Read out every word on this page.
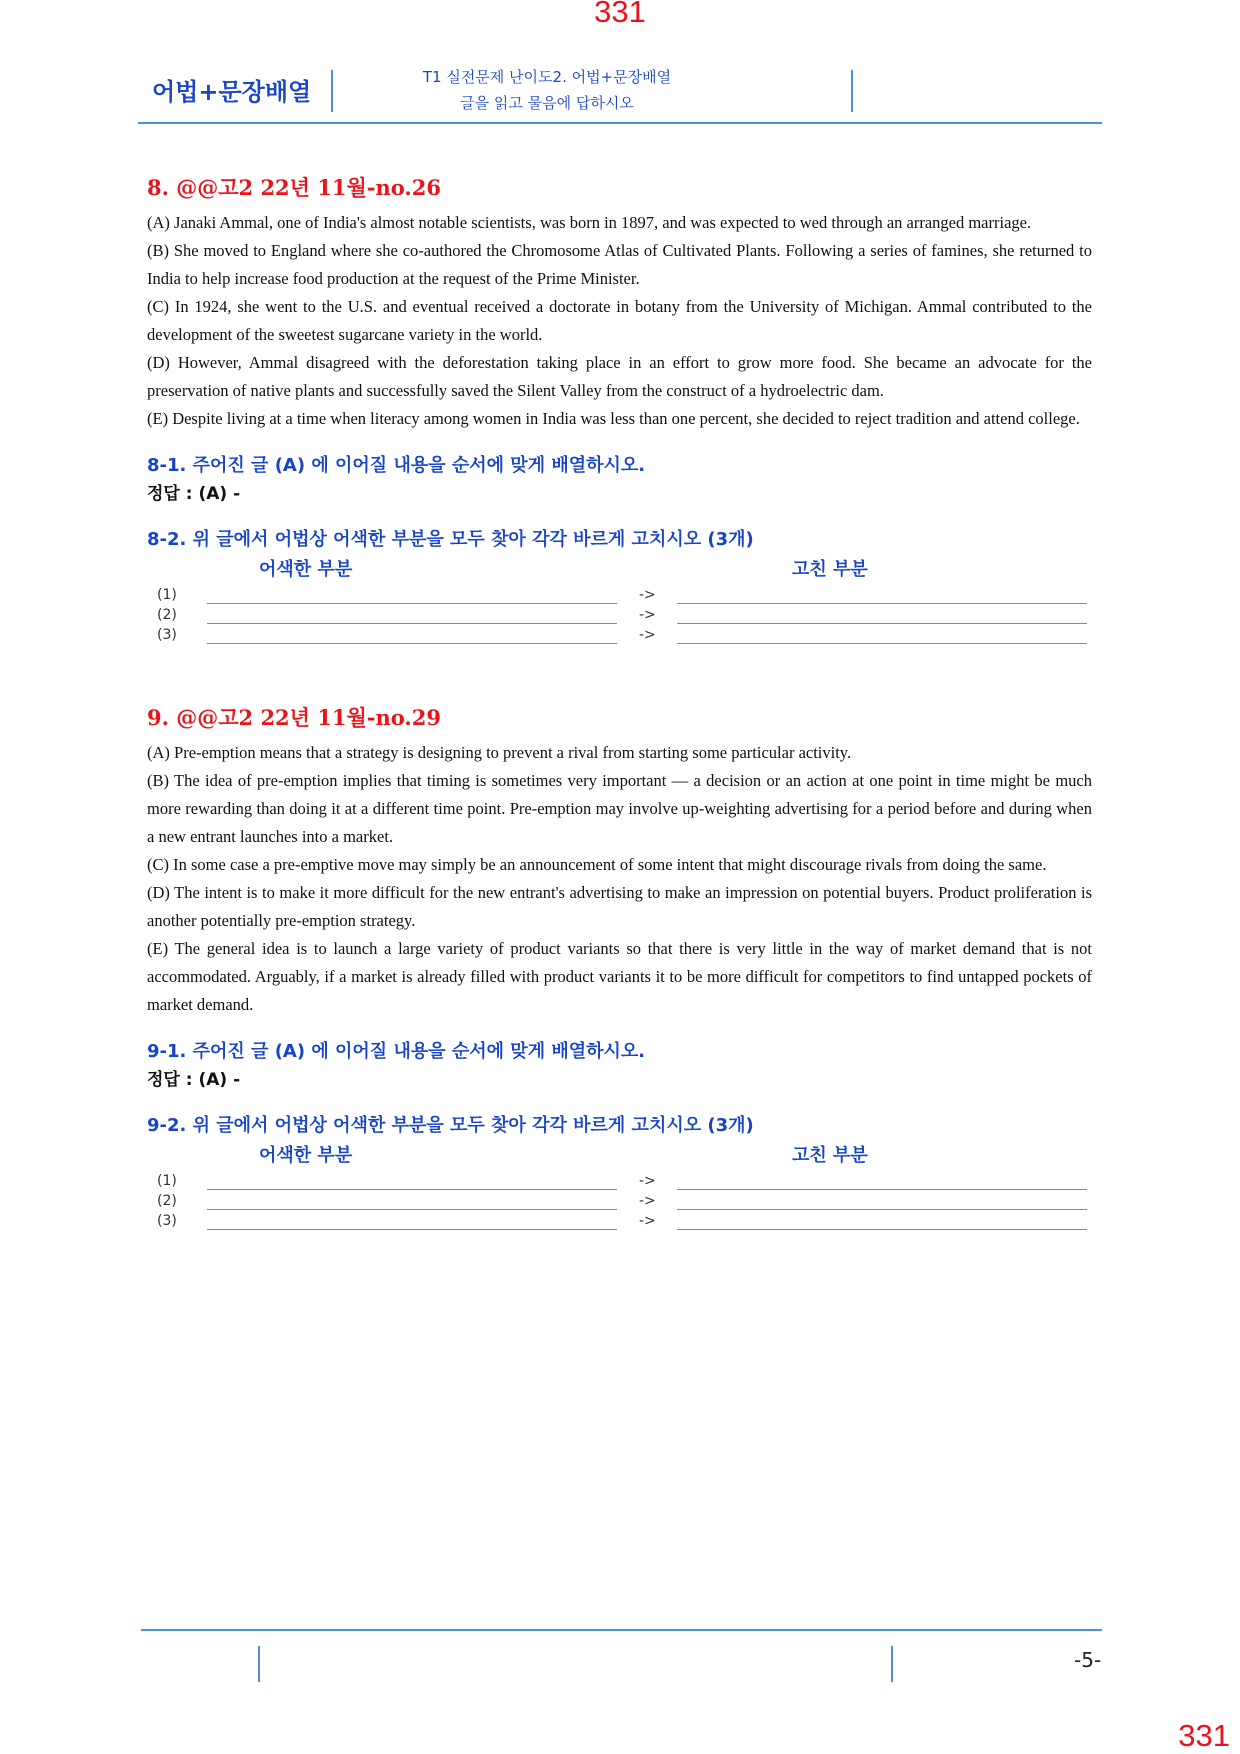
331
어법+문장배열
T1 실전문제 난이도2. 어법+문장배열
글을 읽고 물음에 답하시오
8. @@고2 22년 11월-no.26

(A) Janaki Ammal, one of India's almost notable scientists, was born in 1897, and was expected to wed through an arranged marriage.

(B) She moved to England where she co-authored the Chromosome Atlas of Cultivated Plants. Following a series of famines, she returned to India to help increase food production at the request of the Prime Minister.

(C) In 1924, she went to the U.S. and eventual received a doctorate in botany from the University of Michigan. Ammal contributed to the development of the sweetest sugarcane variety in the world.

(D) However, Ammal disagreed with the deforestation taking place in an effort to grow more food. She became an advocate for the preservation of native plants and successfully saved the Silent Valley from the construct of a hydroelectric dam.

(E) Despite living at a time when literacy among women in India was less than one percent, she decided to reject tradition and attend college.

8-1. 주어진 글 (A) 에 이어질 내용을 순서에 맞게 배열하시오.
정답 : (A) -
8-2. 위 글에서 어법상 어색한 부분을 모두 찾아 각각 바르게 고치시오 (3개)
어색한 부분	고친 부분
(1)	->
(2)	->
(3)	->
9. @@고2 22년 11월-no.29

(A) Pre-emption means that a strategy is designing to prevent a rival from starting some particular activity.

(B) The idea of pre-emption implies that timing is sometimes very important — a decision or an action at one point in time might be much more rewarding than doing it at a different time point. Pre-emption may involve up-weighting advertising for a period before and during when a new entrant launches into a market.

(C) In some case a pre-emptive move may simply be an announcement of some intent that might discourage rivals from doing the same.

(D) The intent is to make it more difficult for the new entrant's advertising to make an impression on potential buyers. Product proliferation is another potentially pre-emption strategy.

(E) The general idea is to launch a large variety of product variants so that there is very little in the way of market demand that is not accommodated. Arguably, if a market is already filled with product variants it to be more difficult for competitors to find untapped pockets of market demand.

9-1. 주어진 글 (A) 에 이어질 내용을 순서에 맞게 배열하시오.
정답 : (A) -
9-2. 위 글에서 어법상 어색한 부분을 모두 찾아 각각 바르게 고치시오 (3개)
어색한 부분	고친 부분
(1)	->
(2)	->
(3)	->
-5-
331
